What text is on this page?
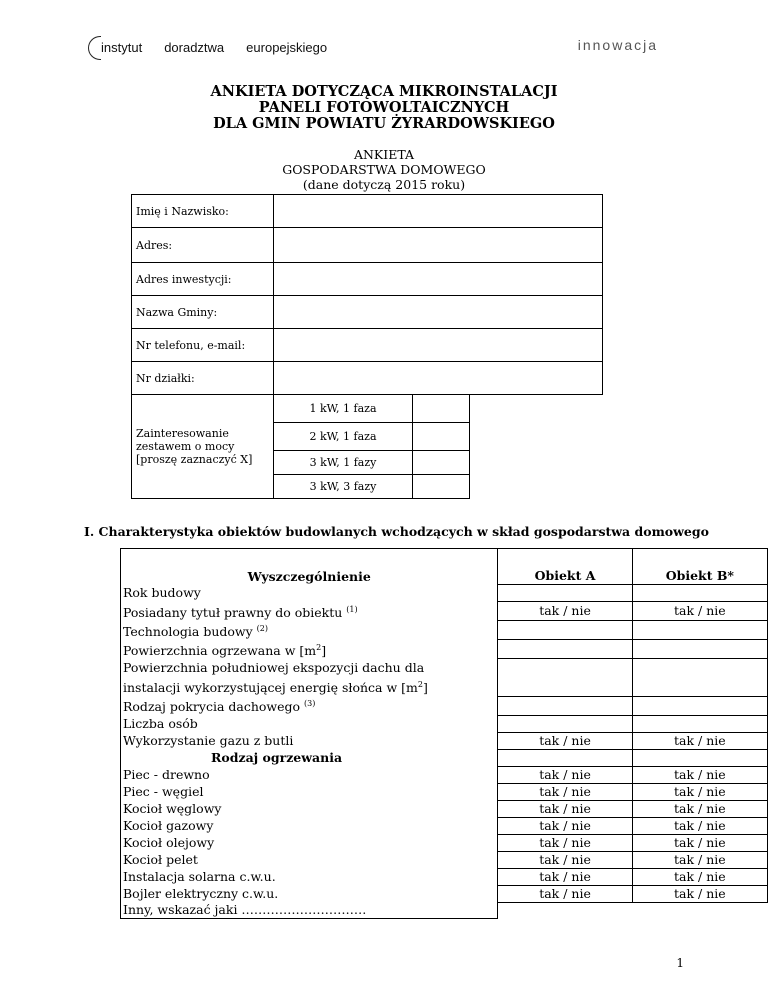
instytut doradztwa europejskiego	innowacja
ANKIETA DOTYCZĄCA MIKROINSTALACJI
PANELI FOTOWOLTAICZNYCH
DLA GMIN POWIATU ŻYRARDOWSKIEGO
ANKIETA
GOSPODARSTWA DOMOWEGO
(dane dotyczą 2015 roku)
Imię i Nazwisko:			
Adres:			
Adres inwestycji:			
Nazwa Gminy:			
Nr telefonu, e-mail:			
Nr działki:			

Zainteresowanie
zestawem o mocy
[proszę zaznaczyć X]	1 kW, 1 faza		
	2 kW, 1 faza		
	3 kW, 1 fazy		
	3 kW, 3 fazy		
I. Charakterystyka obiektów budowlanych wchodzących w skład gospodarstwa domowego
Wyszczególnienie	Obiekt A	Obiekt B*
Rok budowy		
Posiadany tytuł prawny do obiektu $^{(1)}$	tak / nie	tak / nie
Technologia budowy $^{(2)}$		
Powierzchnia ogrzewana w $[m^2]$		

Powierzchnia południowej ekspozycji dachu dla
instalacji wykorzystującej energię słońca w $[m^2]$		

Rodzaj pokrycia dachowego $^{(3)}$		
Liczba osób		
Wykorzystanie gazu z butli	tak / nie	tak / nie
Rodzaj ogrzewania		
Piec - drewno	tak / nie	tak / nie
Piec - węgiel	tak / nie	tak / nie
Kocioł węglowy	tak / nie	tak / nie
Kocioł gazowy	tak / nie	tak / nie
Kocioł olejowy	tak / nie	tak / nie
Kocioł pelet	tak / nie	tak / nie
Instalacja solarna c.w.u.	tak / nie	tak / nie
Bojler elektryczny c.w.u.	tak / nie	tak / nie
Inny, wskazać jaki …………………………		
1
